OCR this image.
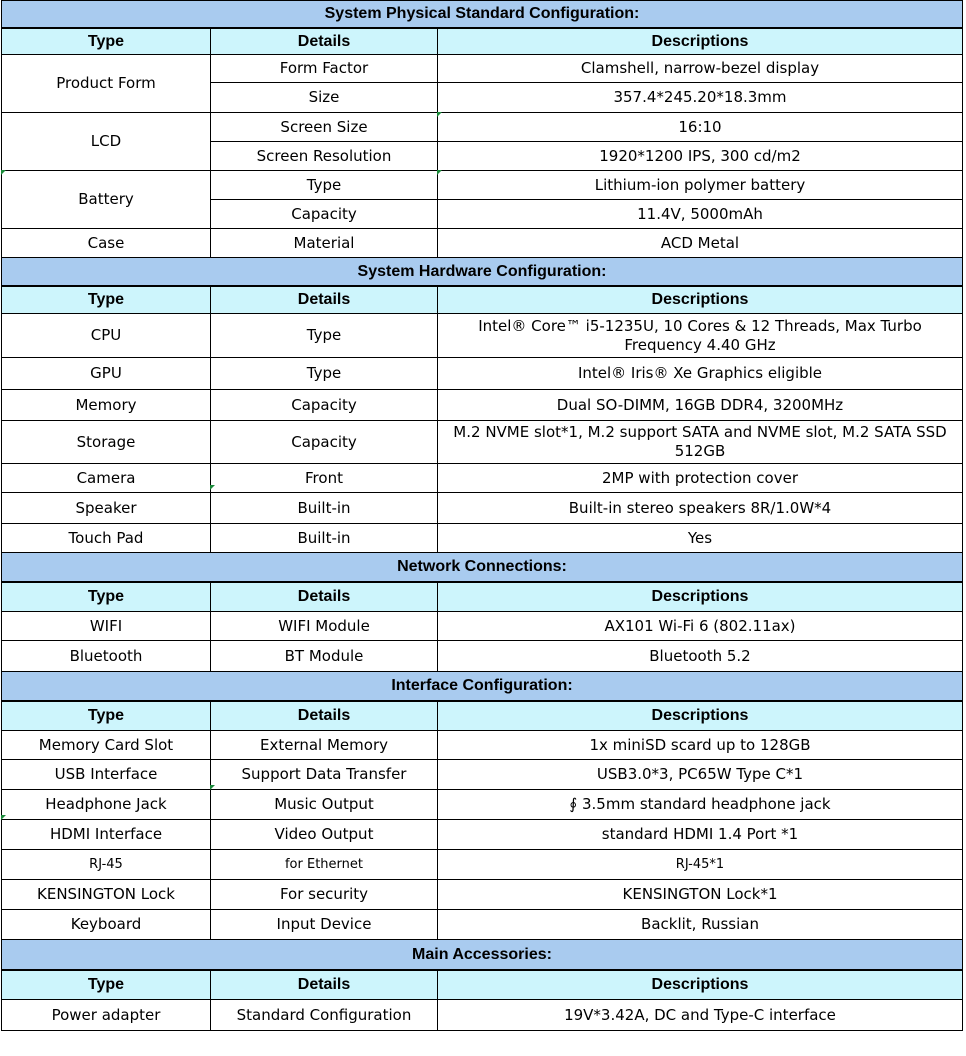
System Physical Standard Configuration:		
Type	Details	Descriptions
Product Form	Form Factor	Clamshell, narrow-bezel display
	Size	357.4*245.20*18.3mm
LCD	Screen Size	16:10
	Screen Resolution	1920*1200 IPS, 300 cd/m2
Battery	Type	Lithium-ion polymer battery
	Capacity	11.4V, 5000mAh
Case	Material	ACD Metal
System Hardware Configuration:		
Type	Details	Descriptions
CPU	Type	Intel® Core™ i5-1235U, 10 Cores & 12 Threads, Max Turbo Frequency 4.40 GHz
GPU	Type	Intel® Iris® Xe Graphics eligible
Memory	Capacity	Dual SO-DIMM, 16GB DDR4, 3200MHz
Storage	Capacity	M.2 NVME slot*1, M.2 support SATA and NVME slot, M.2 SATA SSD 512GB
Camera	Front	2MP with protection cover
Speaker	Built-in	Built-in stereo speakers 8R/1.0W*4
Touch Pad	Built-in	Yes
Network Connections:		
Type	Details	Descriptions
WIFI	WIFI Module	AX101 Wi-Fi 6 (802.11ax)
Bluetooth	BT Module	Bluetooth 5.2
Interface Configuration:		
Type	Details	Descriptions
Memory Card Slot	External Memory	1x miniSD scard up to 128GB
USB Interface	Support Data Transfer	USB3.0*3, PC65W Type C*1
Headphone Jack	Music Output	∮ 3.5mm standard headphone jack
HDMI Interface	Video Output	standard HDMI 1.4 Port *1
RJ-45	for Ethernet	RJ-45*1
KENSINGTON Lock	For security	KENSINGTON Lock*1
Keyboard	Input Device	Backlit, Russian
Main Accessories:		
Type	Details	Descriptions
Power adapter	Standard Configuration	19V*3.42A, DC and Type-C interface
